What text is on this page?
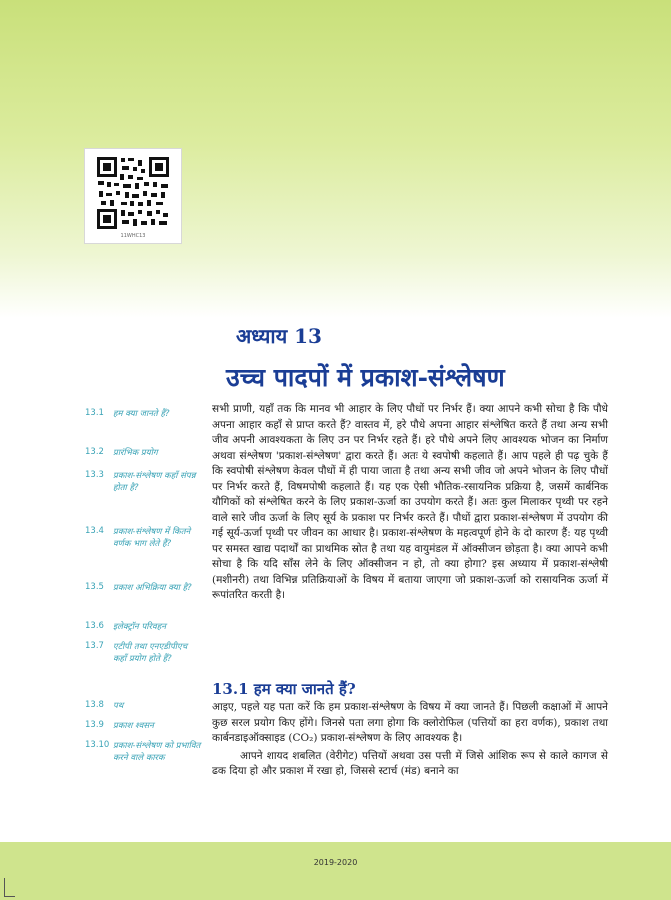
11WHC13
अध्याय 13
उच्च पादपों में प्रकाश-संश्लेषण
13.1	हम क्या जानते हैं?
13.2	प्रारंभिक प्रयोग
13.3	प्रकाश-संश्लेषण कहाँ संपन्न होता है?
13.4	प्रकाश-संश्लेषण में कितने वर्णक भाग लेते हैं?
13.5	प्रकाश अभिक्रिया क्या है?
13.6	इलेक्ट्रॉन परिवहन
13.7	एटीपी तथा एनएडीपीएच कहाँ प्रयोग होते हैं?
13.8	पथ
13.9	प्रकाश श्वसन
13.10 प्रकाश-संश्लेषण को प्रभावित करने वाले कारक

सभी प्राणी, यहाँ तक कि मानव भी आहार के लिए पौधों पर निर्भर हैं। क्या आपने कभी सोचा है कि पौधे अपना आहार कहाँ से प्राप्त करते हैं? वास्तव में, हरे पौधे अपना आहार संश्लेषित करते हैं तथा अन्य सभी जीव अपनी आवश्यकता के लिए उन पर निर्भर रहते हैं। हरे पौधे अपने लिए आवश्यक भोजन का निर्माण अथवा संश्लेषण 'प्रकाश-संश्लेषण' द्वारा करते हैं। अतः ये स्वपोषी कहलाते हैं। आप पहले ही पढ़ चुके हैं कि स्वपोषी संश्लेषण केवल पौधों में ही पाया जाता है तथा अन्य सभी जीव जो अपने भोजन के लिए पौधों पर निर्भर करते हैं, विषमपोषी कहलाते हैं। यह एक ऐसी भौतिक-रसायनिक प्रक्रिया है, जसमें कार्बनिक यौगिकों को संश्लेषित करने के लिए प्रकाश-ऊर्जा का उपयोग करते हैं। अतः कुल मिलाकर पृथ्वी पर रहने वाले सारे जीव ऊर्जा के लिए सूर्य के प्रकाश पर निर्भर करते हैं। पौधों द्वारा प्रकाश-संश्लेषण में उपयोग की गई सूर्य-ऊर्जा पृथ्वी पर जीवन का आधार है। प्रकाश-संश्लेषण के महत्वपूर्ण होने के दो कारण हैं: यह पृथ्वी पर समस्त खाद्य पदार्थों का प्राथमिक स्रोत है तथा यह वायुमंडल में ऑक्सीजन छोड़ता है। क्या आपने कभी सोचा है कि यदि साँस लेने के लिए ऑक्सीजन न हो, तो क्या होगा? इस अध्याय में प्रकाश-संश्लेषी (मशीनरी) तथा विभिन्न प्रतिक्रियाओं के विषय में बताया जाएगा जो प्रकाश-ऊर्जा को रासायनिक ऊर्जा में रूपांतरित करती है।

13.1 हम क्या जानते हैं?

आइए, पहले यह पता करें कि हम प्रकाश-संश्लेषण के विषय में क्या जानते हैं। पिछली कक्षाओं में आपने कुछ सरल प्रयोग किए होंगे। जिनसे पता लगा होगा कि क्लोरोफिल (पत्तियों का हरा वर्णक), प्रकाश तथा कार्बनडाइऑक्साइड (CO₂) प्रकाश-संश्लेषण के लिए आवश्यक है।

आपने शायद शबलित (वेरीगेट) पत्तियों अथवा उस पत्ती में जिसे आंशिक रूप से काले कागज से ढक दिया हो और प्रकाश में रखा हो, जिससे स्टार्च (मंड) बनाने का

2019-2020
